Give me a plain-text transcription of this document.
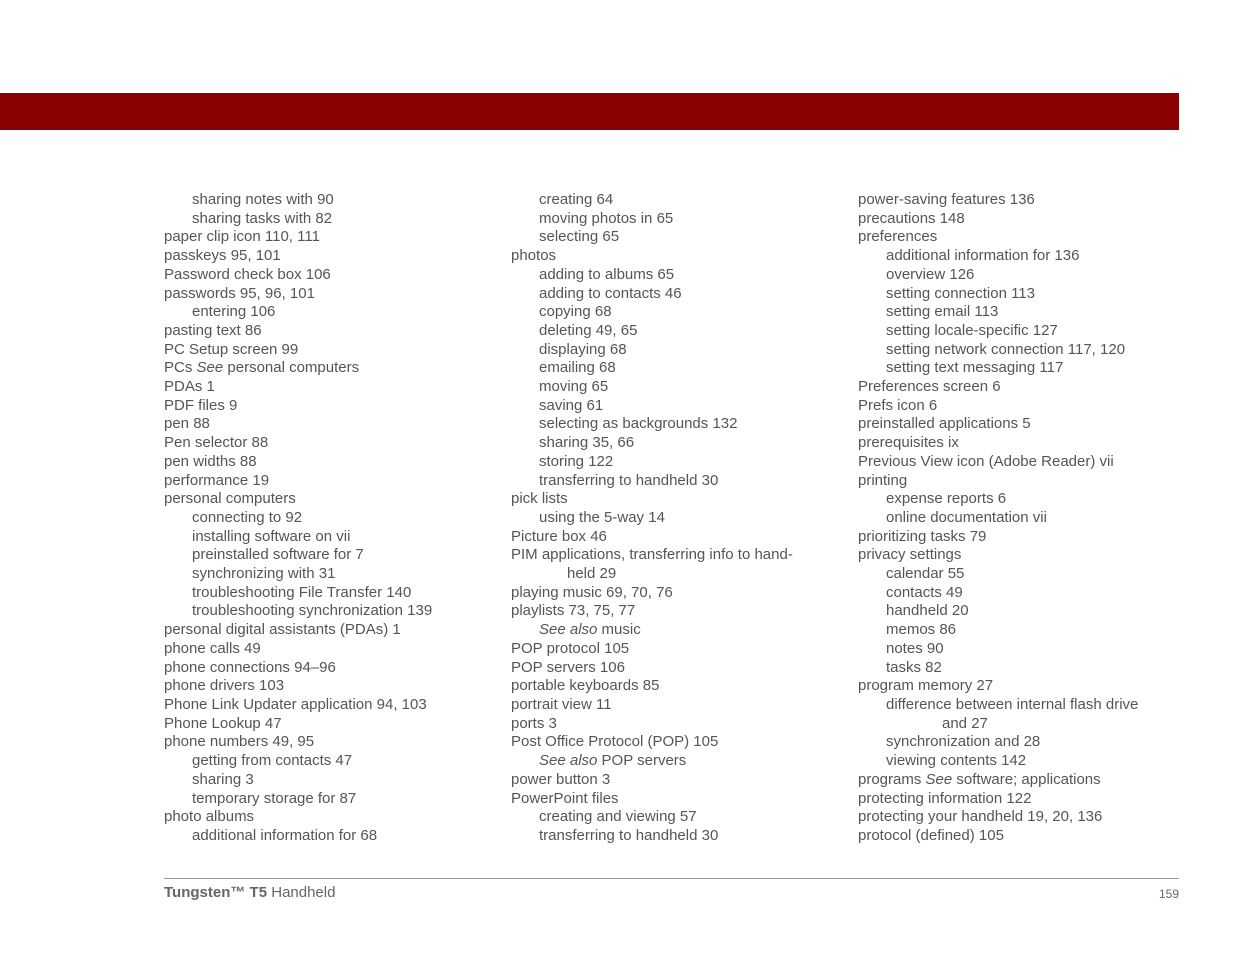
sharing notes with 90
sharing tasks with 82
paper clip icon 110, 111
passkeys 95, 101
Password check box 106
passwords 95, 96, 101
entering 106
pasting text 86
PC Setup screen 99
PCs See personal computers
PDAs 1
PDF files 9
pen 88
Pen selector 88
pen widths 88
performance 19
personal computers
connecting to 92
installing software on vii
preinstalled software for 7
synchronizing with 31
troubleshooting File Transfer 140
troubleshooting synchronization 139
personal digital assistants (PDAs) 1
phone calls 49
phone connections 94–96
phone drivers 103
Phone Link Updater application 94, 103
Phone Lookup 47
phone numbers 49, 95
getting from contacts 47
sharing 3
temporary storage for 87
photo albums
additional information for 68
creating 64
moving photos in 65
selecting 65
photos
adding to albums 65
adding to contacts 46
copying 68
deleting 49, 65
displaying 68
emailing 68
moving 65
saving 61
selecting as backgrounds 132
sharing 35, 66
storing 122
transferring to handheld 30
pick lists
using the 5-way 14
Picture box 46
PIM applications, transferring info to hand-
held 29
playing music 69, 70, 76
playlists 73, 75, 77
See also music
POP protocol 105
POP servers 106
portable keyboards 85
portrait view 11
ports 3
Post Office Protocol (POP) 105
See also POP servers
power button 3
PowerPoint files
creating and viewing 57
transferring to handheld 30
power-saving features 136
precautions 148
preferences
additional information for 136
overview 126
setting connection 113
setting email 113
setting locale-specific 127
setting network connection 117, 120
setting text messaging 117
Preferences screen 6
Prefs icon 6
preinstalled applications 5
prerequisites ix
Previous View icon (Adobe Reader) vii
printing
expense reports 6
online documentation vii
prioritizing tasks 79
privacy settings
calendar 55
contacts 49
handheld 20
memos 86
notes 90
tasks 82
program memory 27
difference between internal flash drive
and 27
synchronization and 28
viewing contents 142
programs See software; applications
protecting information 122
protecting your handheld 19, 20, 136
protocol (defined) 105
Tungsten™ T5 Handheld	159
